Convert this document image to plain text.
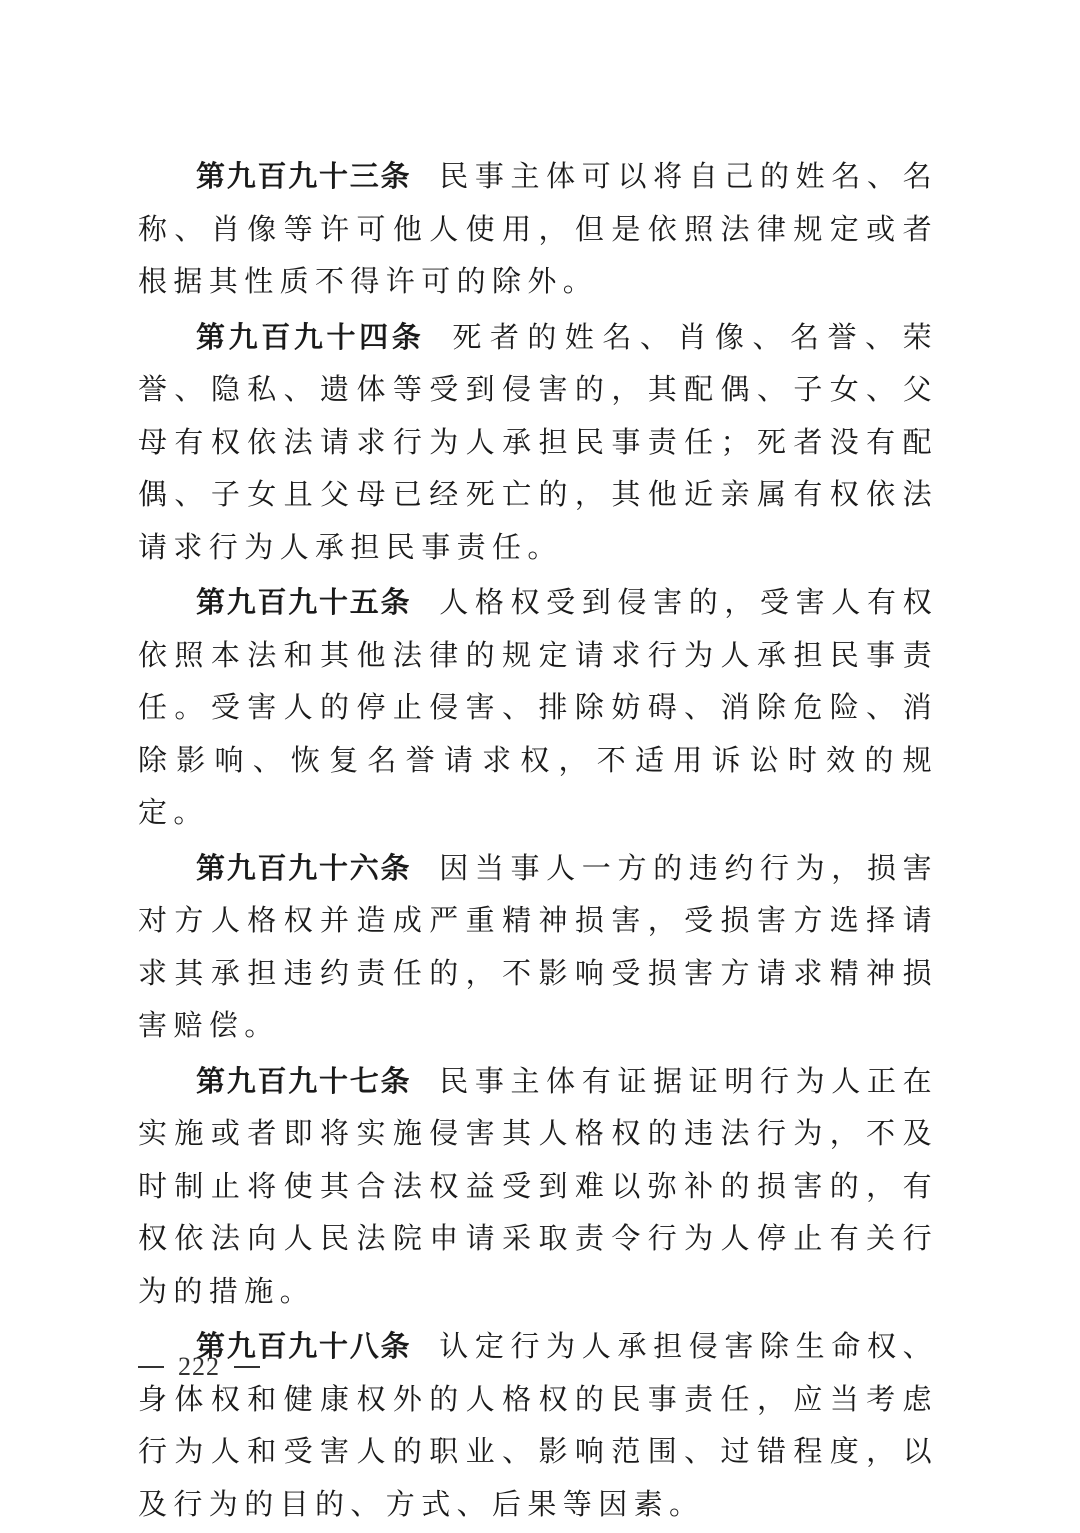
第九百九十三条 民事主体可以将自己的姓名、名称、肖像等许可他人使用，但是依照法律规定或者根据其性质不得许可的除外。

第九百九十四条 死者的姓名、肖像、名誉、荣誉、隐私、遗体等受到侵害的，其配偶、子女、父母有权依法请求行为人承担民事责任；死者没有配偶、子女且父母已经死亡的，其他近亲属有权依法请求行为人承担民事责任。

第九百九十五条 人格权受到侵害的，受害人有权依照本法和其他法律的规定请求行为人承担民事责任。受害人的停止侵害、排除妨碍、消除危险、消除影响、恢复名誉请求权，不适用诉讼时效的规定。

第九百九十六条 因当事人一方的违约行为，损害对方人格权并造成严重精神损害，受损害方选择请求其承担违约责任的，不影响受损害方请求精神损害赔偿。

第九百九十七条 民事主体有证据证明行为人正在实施或者即将实施侵害其人格权的违法行为，不及时制止将使其合法权益受到难以弥补的损害的，有权依法向人民法院申请采取责令行为人停止有关行为的措施。

第九百九十八条 认定行为人承担侵害除生命权、身体权和健康权外的人格权的民事责任，应当考虑行为人和受害人的职业、影响范围、过错程度，以及行为的目的、方式、后果等因素。

222
